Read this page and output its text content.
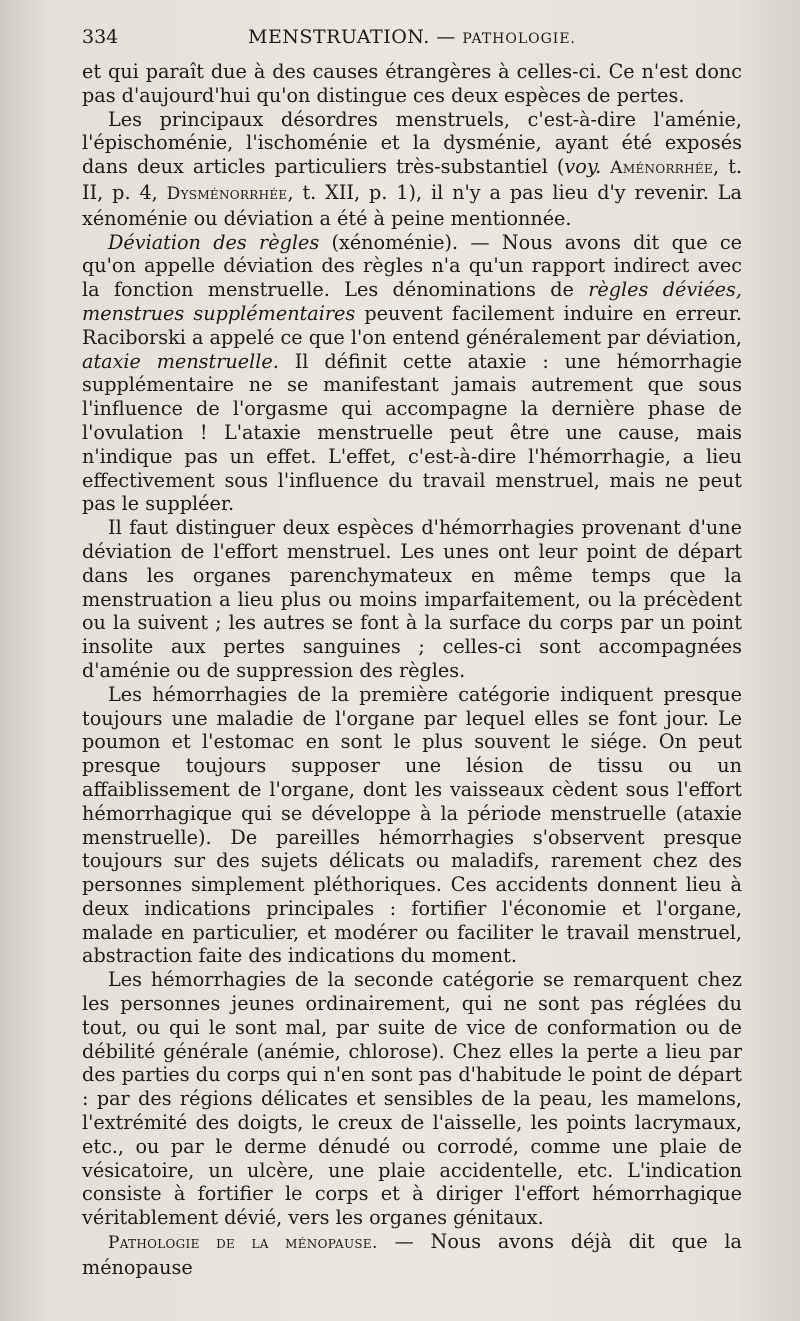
334	MENSTRUATION. — PATHOLOGIE.

et qui paraît due à des causes étrangères à celles-ci. Ce n'est donc pas d'aujourd'hui qu'on distingue ces deux espèces de pertes.

Les principaux désordres menstruels, c'est-à-dire l'aménie, l'épischoménie, l'ischoménie et la dysménie, ayant été exposés dans deux articles particuliers très-substantiel (voy. Aménorrhée, t. II, p. 4, Dysménorrhée, t. XII, p. 1), il n'y a pas lieu d'y revenir. La xénoménie ou déviation a été à peine mentionnée.

Déviation des règles (xénoménie). — Nous avons dit que ce qu'on appelle déviation des règles n'a qu'un rapport indirect avec la fonction menstruelle. Les dénominations de règles déviées, menstrues supplémentaires peuvent facilement induire en erreur. Raciborski a appelé ce que l'on entend généralement par déviation, ataxie menstruelle. Il définit cette ataxie : une hémorrhagie supplémentaire ne se manifestant jamais autrement que sous l'influence de l'orgasme qui accompagne la dernière phase de l'ovulation ! L'ataxie menstruelle peut être une cause, mais n'indique pas un effet. L'effet, c'est-à-dire l'hémorrhagie, a lieu effectivement sous l'influence du travail menstruel, mais ne peut pas le suppléer.

Il faut distinguer deux espèces d'hémorrhagies provenant d'une déviation de l'effort menstruel. Les unes ont leur point de départ dans les organes parenchymateux en même temps que la menstruation a lieu plus ou moins imparfaitement, ou la précèdent ou la suivent ; les autres se font à la surface du corps par un point insolite aux pertes sanguines ; celles-ci sont accompagnées d'aménie ou de suppression des règles.

Les hémorrhagies de la première catégorie indiquent presque toujours une maladie de l'organe par lequel elles se font jour. Le poumon et l'estomac en sont le plus souvent le siége. On peut presque toujours supposer une lésion de tissu ou un affaiblissement de l'organe, dont les vaisseaux cèdent sous l'effort hémorrhagique qui se développe à la période menstruelle (ataxie menstruelle). De pareilles hémorrhagies s'observent presque toujours sur des sujets délicats ou maladifs, rarement chez des personnes simplement pléthoriques. Ces accidents donnent lieu à deux indications principales : fortifier l'économie et l'organe, malade en particulier, et modérer ou faciliter le travail menstruel, abstraction faite des indications du moment.

Les hémorrhagies de la seconde catégorie se remarquent chez les personnes jeunes ordinairement, qui ne sont pas réglées du tout, ou qui le sont mal, par suite de vice de conformation ou de débilité générale (anémie, chlorose). Chez elles la perte a lieu par des parties du corps qui n'en sont pas d'habitude le point de départ : par des régions délicates et sensibles de la peau, les mamelons, l'extrémité des doigts, le creux de l'aisselle, les points lacrymaux, etc., ou par le derme dénudé ou corrodé, comme une plaie de vésicatoire, un ulcère, une plaie accidentelle, etc. L'indication consiste à fortifier le corps et à diriger l'effort hémorrhagique véritablement dévié, vers les organes génitaux.

Pathologie de la ménopause. — Nous avons déjà dit que la ménopause
